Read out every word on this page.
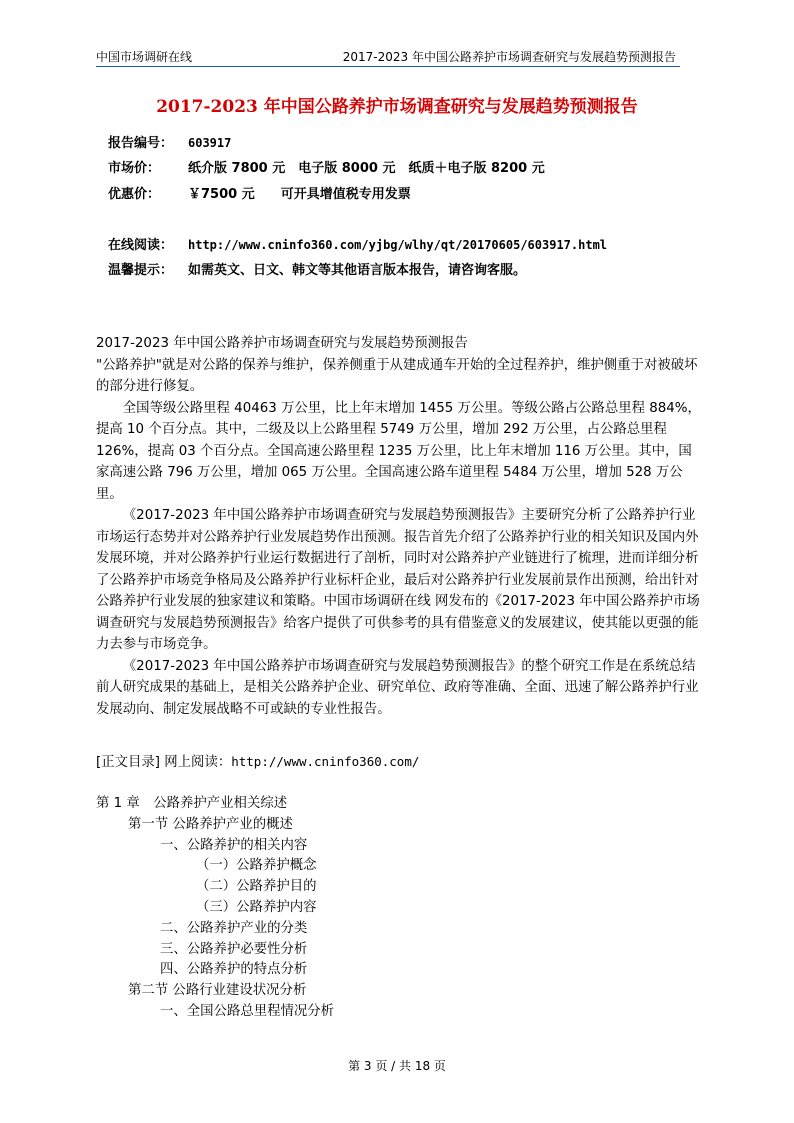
中国市场调研在线	2017-2023 年中国公路养护市场调查研究与发展趋势预测报告
2017-2023 年中国公路养护市场调查研究与发展趋势预测报告
报告编号： 603917
市场价： 纸介版 7800 元　电子版 8000 元　纸质＋电子版 8200 元
优惠价： ￥7500 元　　可开具增值税专用发票
在线阅读： http://www.cninfo360.com/yjbg/wlhy/qt/20170605/603917.html
温馨提示： 如需英文、日文、韩文等其他语言版本报告，请咨询客服。

2017-2023 年中国公路养护市场调查研究与发展趋势预测报告

"公路养护"就是对公路的保养与维护，保养侧重于从建成通车开始的全过程养护，维护侧重于对被破坏的部分进行修复。

全国等级公路里程 40463 万公里，比上年末增加 1455 万公里。等级公路占公路总里程 884%，提高 10 个百分点。其中，二级及以上公路里程 5749 万公里，增加 292 万公里，占公路总里程 126%，提高 03 个百分点。全国高速公路里程 1235 万公里，比上年末增加 116 万公里。其中，国家高速公路 796 万公里，增加 065 万公里。全国高速公路车道里程 5484 万公里，增加 528 万公里。

《2017-2023 年中国公路养护市场调查研究与发展趋势预测报告》主要研究分析了公路养护行业市场运行态势并对公路养护行业发展趋势作出预测。报告首先介绍了公路养护行业的相关知识及国内外发展环境，并对公路养护行业运行数据进行了剖析，同时对公路养护产业链进行了梳理，进而详细分析了公路养护市场竞争格局及公路养护行业标杆企业，最后对公路养护行业发展前景作出预测，给出针对公路养护行业发展的独家建议和策略。中国市场调研在线 网发布的《2017-2023 年中国公路养护市场调查研究与发展趋势预测报告》给客户提供了可供参考的具有借鉴意义的发展建议，使其能以更强的能力去参与市场竞争。

《2017-2023 年中国公路养护市场调查研究与发展趋势预测报告》的整个研究工作是在系统总结前人研究成果的基础上，是相关公路养护企业、研究单位、政府等准确、全面、迅速了解公路养护行业发展动向、制定发展战略不可或缺的专业性报告。

[正文目录] 网上阅读：http://www.cninfo360.com/
第 1 章　公路养护产业相关综述
第一节 公路养护产业的概述
一、公路养护的相关内容
（一）公路养护概念
（二）公路养护目的
（三）公路养护内容
二、公路养护产业的分类
三、公路养护必要性分析
四、公路养护的特点分析
第二节 公路行业建设状况分析
一、全国公路总里程情况分析
第 3 页 / 共 18 页
